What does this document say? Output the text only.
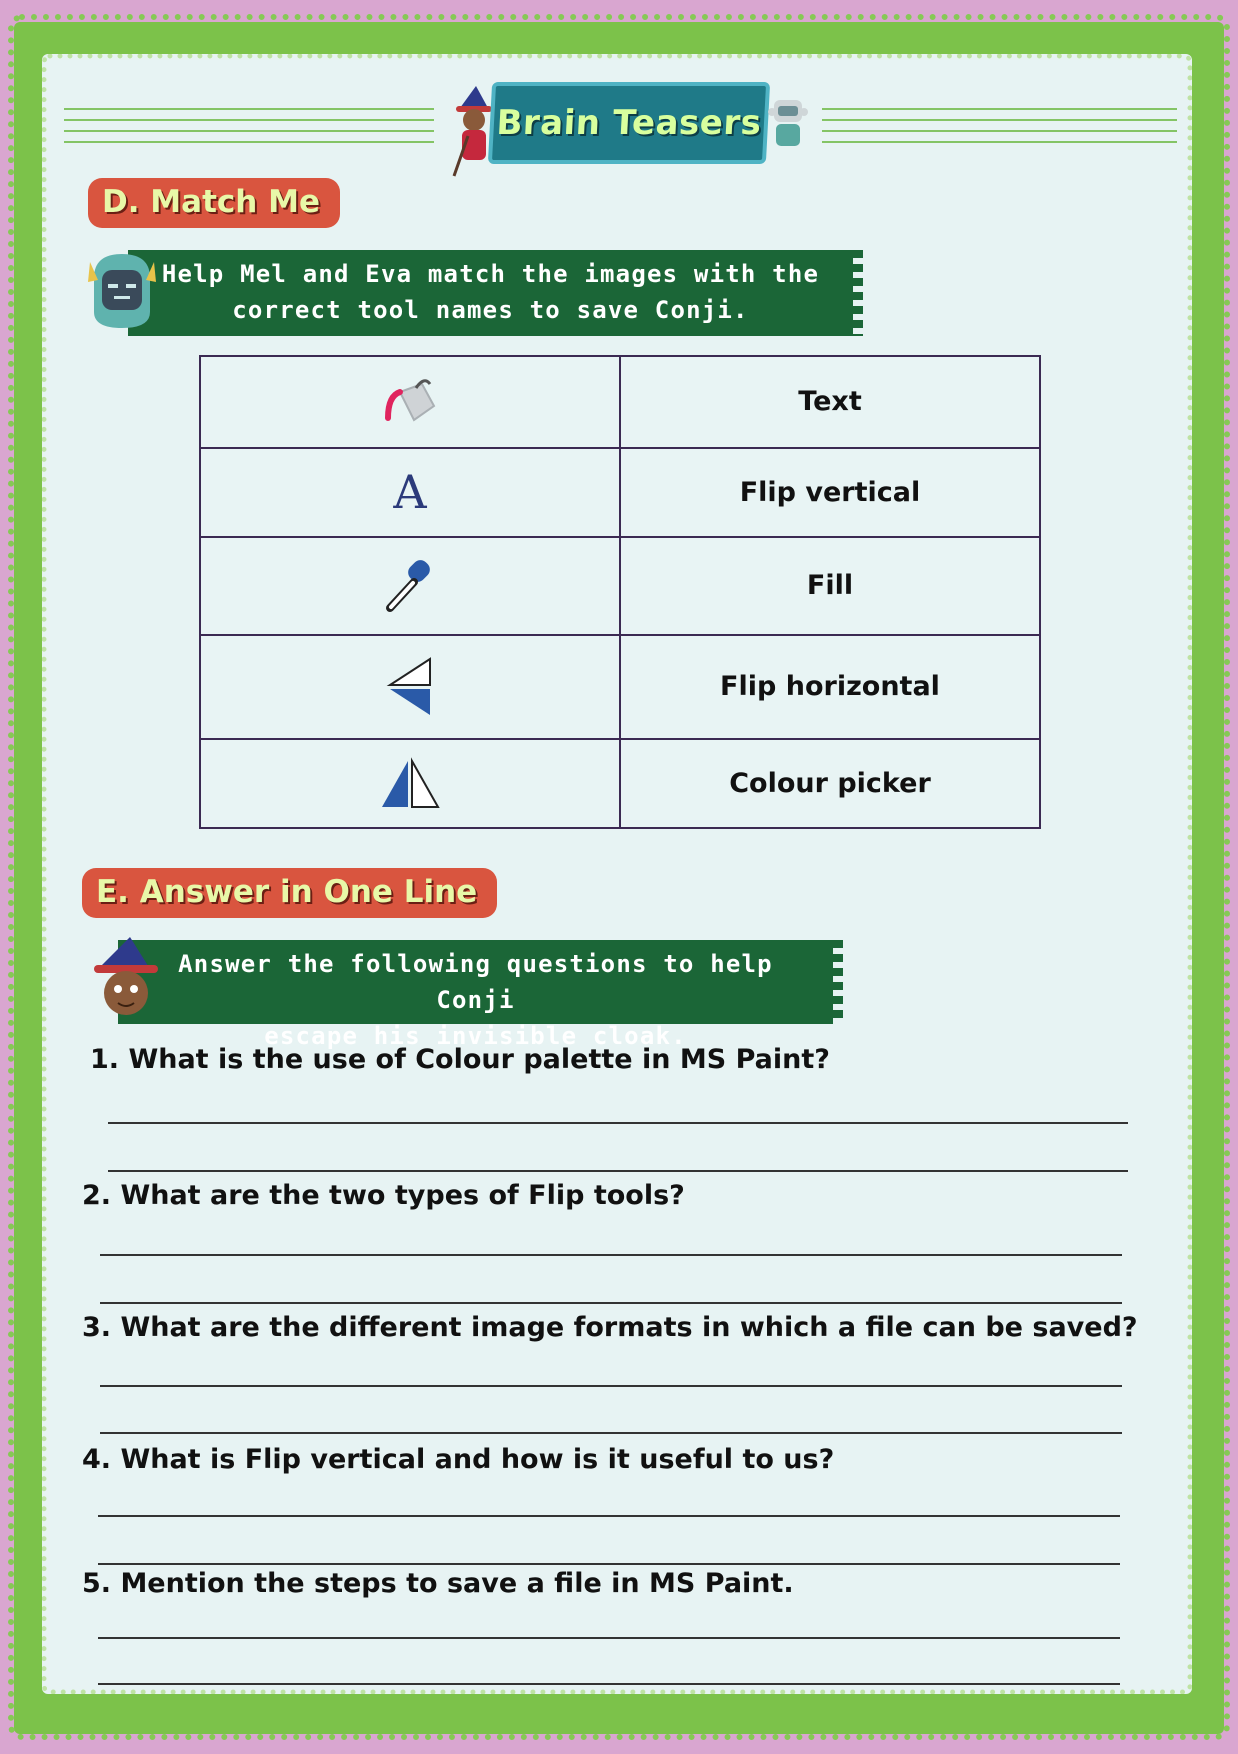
Brain Teasers
D. Match Me
Help Mel and Eva match the images with the
correct tool names to save Conji.
	Text
A	Flip vertical
	Fill
	Flip horizontal
	Colour picker
E. Answer in One Line
Answer the following questions to help Conji
escape his invisible cloak.
1. What is the use of Colour palette in MS Paint?
2. What are the two types of Flip tools?
3. What are the different image formats in which a file can be saved?
4. What is Flip vertical and how is it useful to us?
5. Mention the steps to save a file in MS Paint.
